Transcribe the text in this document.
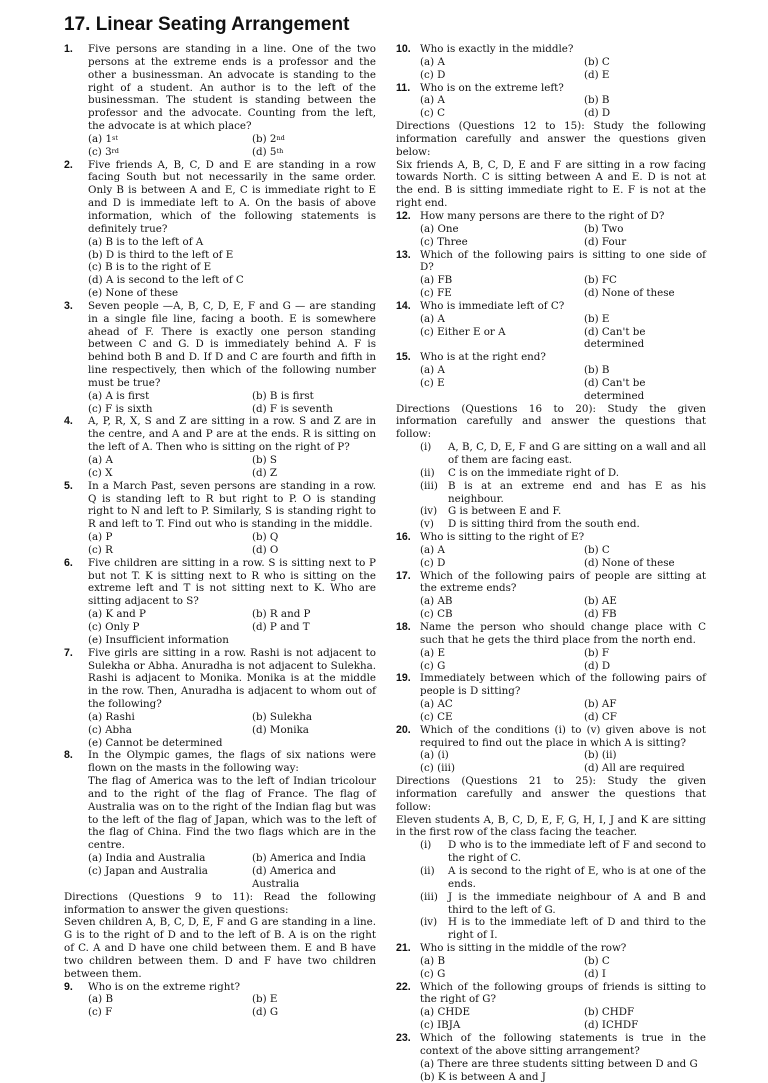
17. Linear Seating Arrangement
1. Five persons are standing in a line. One of the two persons at the extreme ends is a professor and the other a businessman. An advocate is standing to the right of a student. An author is to the left of the businessman. The student is standing between the professor and the advocate. Counting from the left, the advocate is at which place?
(a) 1st	(b) 2nd
(c) 3rd	(d) 5th
2. Five friends A, B, C, D and E are standing in a row facing South but not necessarily in the same order. Only B is between A and E, C is immediate right to E and D is immediate left to A. On the basis of above information, which of the following statements is definitely true?
(a) B is to the left of A
(b) D is third to the left of E
(c) B is to the right of E
(d) A is second to the left of C
(e) None of these
3. Seven people —A, B, C, D, E, F and G — are standing in a single file line, facing a booth. E is somewhere ahead of F. There is exactly one person standing between C and G. D is immediately behind A. F is behind both B and D. If D and C are fourth and fifth in line respectively, then which of the following number must be true?
(a) A is first	(b) B is first
(c) F is sixth	(d) F is seventh
4. A, P, R, X, S and Z are sitting in a row. S and Z are in the centre, and A and P are at the ends. R is sitting on the left of A. Then who is sitting on the right of P?
(a) A	(b) S
(c) X	(d) Z
5. In a March Past, seven persons are standing in a row. Q is standing left to R but right to P. O is standing right to N and left to P. Similarly, S is standing right to R and left to T. Find out who is standing in the middle.
(a) P	(b) Q
(c) R	(d) O
6. Five children are sitting in a row. S is sitting next to P but not T. K is sitting next to R who is sitting on the extreme left and T is not sitting next to K. Who are sitting adjacent to S?
(a) K and P	(b) R and P
(c) Only P	(d) P and T
(e) Insufficient information
7. Five girls are sitting in a row. Rashi is not adjacent to Sulekha or Abha. Anuradha is not adjacent to Sulekha. Rashi is adjacent to Monika. Monika is at the middle in the row. Then, Anuradha is adjacent to whom out of the following?
(a) Rashi	(b) Sulekha
(c) Abha	(d) Monika
(e) Cannot be determined
8. In the Olympic games, the flags of six nations were flown on the masts in the following way:
The flag of America was to the left of Indian tricolour and to the right of the flag of France. The flag of Australia was on to the right of the Indian flag but was to the left of the flag of Japan, which was to the left of the flag of China. Find the two flags which are in the centre.
(a) India and Australia	(b) America and India
(c) Japan and Australia	(d) America and Australia
Directions (Questions 9 to 11): Read the following information to answer the given questions:
Seven children A, B, C, D, E, F and G are standing in a line. G is to the right of D and to the left of B. A is on the right of C. A and D have one child between them. E and B have two children between them. D and F have two children between them.
9. Who is on the extreme right?
(a) B	(b) E
(c) F	(d) G
10. Who is exactly in the middle?
(a) A	(b) C
(c) D	(d) E
11. Who is on the extreme left?
(a) A	(b) B
(c) C	(d) D
Directions (Questions 12 to 15): Study the following information carefully and answer the questions given below:
Six friends A, B, C, D, E and F are sitting in a row facing towards North. C is sitting between A and E. D is not at the end. B is sitting immediate right to E. F is not at the right end.
12. How many persons are there to the right of D?
(a) One	(b) Two
(c) Three	(d) Four
13. Which of the following pairs is sitting to one side of D?
(a) FB	(b) FC
(c) FE	(d) None of these
14. Who is immediate left of C?
(a) A	(b) E
(c) Either E or A	(d) Can't be determined
15. Who is at the right end?
(a) A	(b) B
(c) E	(d) Can't be determined
Directions (Questions 16 to 20): Study the given information carefully and answer the questions that follow:
(i) A, B, C, D, E, F and G are sitting on a wall and all of them are facing east.
(ii) C is on the immediate right of D.
(iii) B is at an extreme end and has E as his neighbour.
(iv) G is between E and F.
(v) D is sitting third from the south end.
16. Who is sitting to the right of E?
(a) A	(b) C
(c) D	(d) None of these
17. Which of the following pairs of people are sitting at the extreme ends?
(a) AB	(b) AE
(c) CB	(d) FB
18. Name the person who should change place with C such that he gets the third place from the north end.
(a) E	(b) F
(c) G	(d) D
19. Immediately between which of the following pairs of people is D sitting?
(a) AC	(b) AF
(c) CE	(d) CF
20. Which of the conditions (i) to (v) given above is not required to find out the place in which A is sitting?
(a) (i)	(b) (ii)
(c) (iii)	(d) All are required
Directions (Questions 21 to 25): Study the given information carefully and answer the questions that follow:
Eleven students A, B, C, D, E, F, G, H, I, J and K are sitting in the first row of the class facing the teacher.
(i) D who is to the immediate left of F and second to the right of C.
(ii) A is second to the right of E, who is at one of the ends.
(iii) J is the immediate neighbour of A and B and third to the left of G.
(iv) H is to the immediate left of D and third to the right of I.
21. Who is sitting in the middle of the row?
(a) B	(b) C
(c) G	(d) I
22. Which of the following groups of friends is sitting to the right of G?
(a) CHDE	(b) CHDF
(c) IBJA	(d) ICHDF
23. Which of the following statements is true in the context of the above sitting arrangement?
(a) There are three students sitting between D and G
(b) K is between A and J
